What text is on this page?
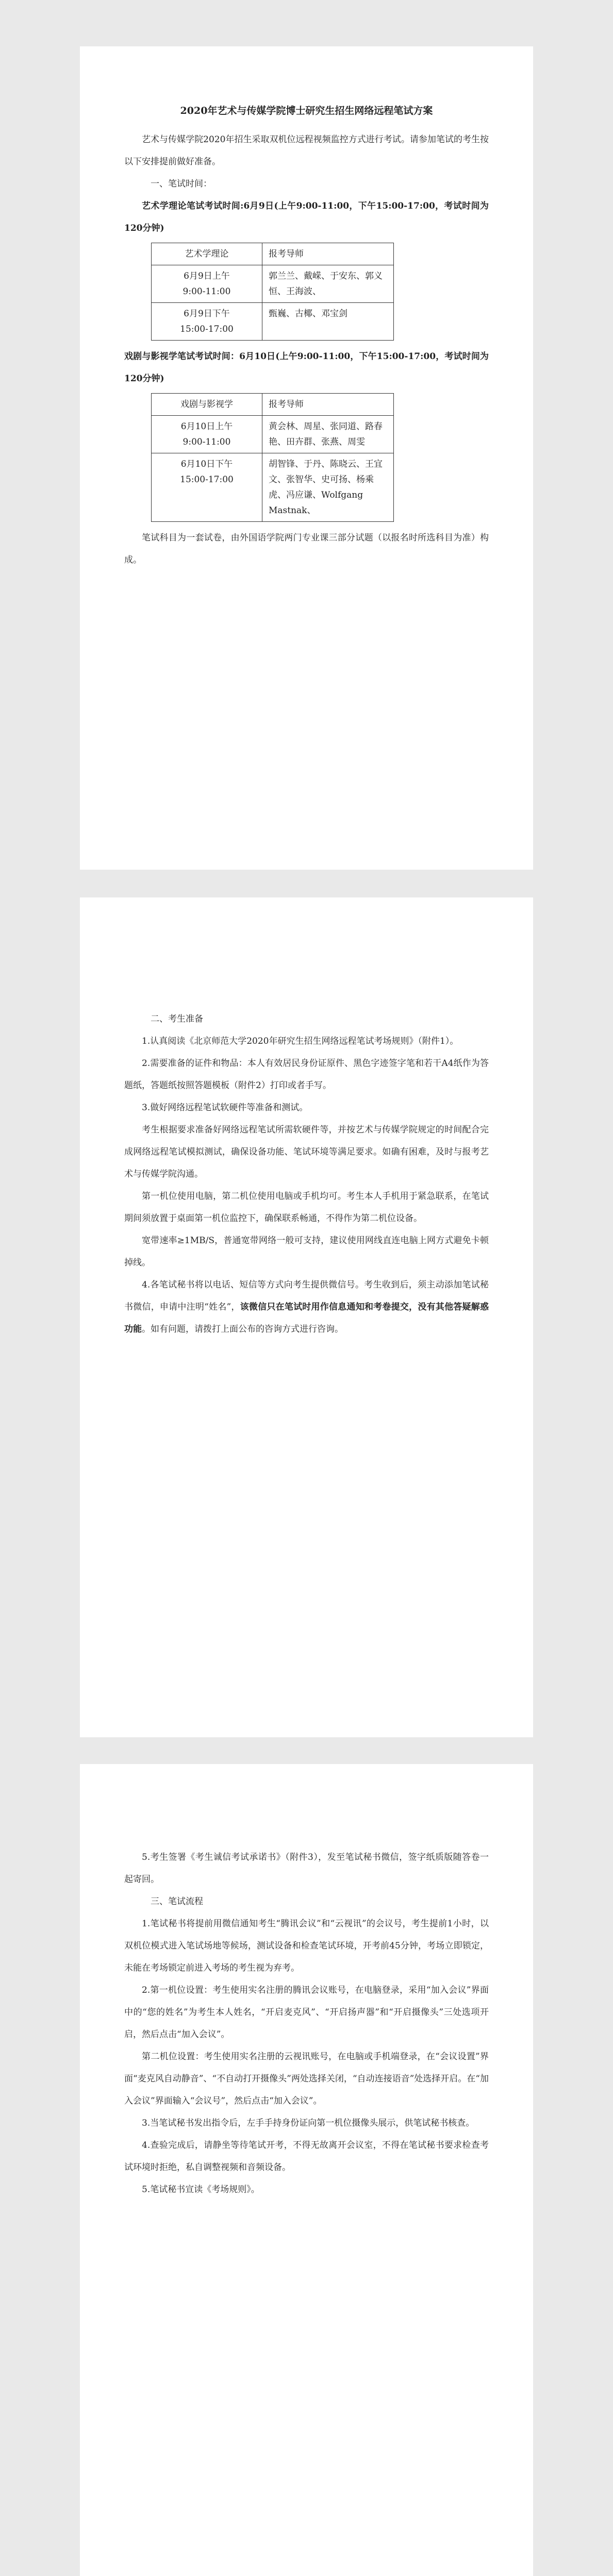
2020年艺术与传媒学院博士研究生招生网络远程笔试方案

艺术与传媒学院2020年招生采取双机位远程视频监控方式进行考试。请参加笔试的考生按以下安排提前做好准备。

一、笔试时间：

艺术学理论笔试考试时间:6月9日(上午9:00-11:00，下午15:00-17:00，考试时间为120分钟)

艺术学理论	报考导师
6月9日上午
9:00-11:00	郭兰兰、戴嵘、于安东、郭义恒、王海波、
6月9日下午
15:00-17:00	甄巍、古椰、邓宝剑

戏剧与影视学笔试考试时间：6月10日(上午9:00-11:00，下午15:00-17:00，考试时间为120分钟)

戏剧与影视学	报考导师
6月10日上午
9:00-11:00	黄会林、周星、张同道、路春艳、田卉群、张燕、周雯
6月10日下午
15:00-17:00	胡智锋、于丹、陈晓云、王宜文、张智华、史可扬、杨乘虎、冯应谦、Wolfgang Mastnak、

笔试科目为一套试卷，由外国语学院两门专业课三部分试题（以报名时所选科目为准）构成。

二、考生准备

1.认真阅读《北京师范大学2020年研究生招生网络远程笔试考场规则》（附件1）。

2.需要准备的证件和物品：本人有效居民身份证原件、黑色字迹签字笔和若干A4纸作为答题纸，答题纸按照答题模板（附件2）打印或者手写。

3.做好网络远程笔试软硬件等准备和测试。

考生根据要求准备好网络远程笔试所需软硬件等，并按艺术与传媒学院规定的时间配合完成网络远程笔试模拟测试，确保设备功能、笔试环境等满足要求。如确有困难，及时与报考艺术与传媒学院沟通。

第一机位使用电脑，第二机位使用电脑或手机均可。考生本人手机用于紧急联系，在笔试期间须放置于桌面第一机位监控下，确保联系畅通，不得作为第二机位设备。

宽带速率≥1MB/S，普通宽带网络一般可支持，建议使用网线直连电脑上网方式避免卡顿掉线。

4.各笔试秘书将以电话、短信等方式向考生提供微信号。考生收到后，须主动添加笔试秘书微信，申请中注明“姓名”，该微信只在笔试时用作信息通知和考卷提交，没有其他答疑解惑功能。如有问题，请拨打上面公布的咨询方式进行咨询。

5.考生签署《考生诚信考试承诺书》（附件3），发至笔试秘书微信，签字纸质版随答卷一起寄回。

三、笔试流程

1.笔试秘书将提前用微信通知考生“腾讯会议”和“云视讯”的会议号，考生提前1小时，以双机位模式进入笔试场地等候场，测试设备和检查笔试环境，开考前45分钟，考场立即锁定，未能在考场锁定前进入考场的考生视为弃考。

2.第一机位设置：考生使用实名注册的腾讯会议账号，在电脑登录，采用“加入会议”界面中的“您的姓名”为考生本人姓名，“开启麦克风”、“开启扬声器”和“开启摄像头”三处选项开启，然后点击“加入会议”。

第二机位设置：考生使用实名注册的云视讯账号，在电脑或手机端登录，在“会议设置”界面“麦克风自动静音”、“不自动打开摄像头”两处选择关闭，“自动连接语音”处选择开启。在“加入会议”界面输入“会议号”，然后点击“加入会议”。

3.当笔试秘书发出指令后，左手手持身份证向第一机位摄像头展示，供笔试秘书核查。

4.查验完成后，请静坐等待笔试开考，不得无故离开会议室，不得在笔试秘书要求检查考试环境时拒绝，私自调整视频和音频设备。

5.笔试秘书宣读《考场规则》。
